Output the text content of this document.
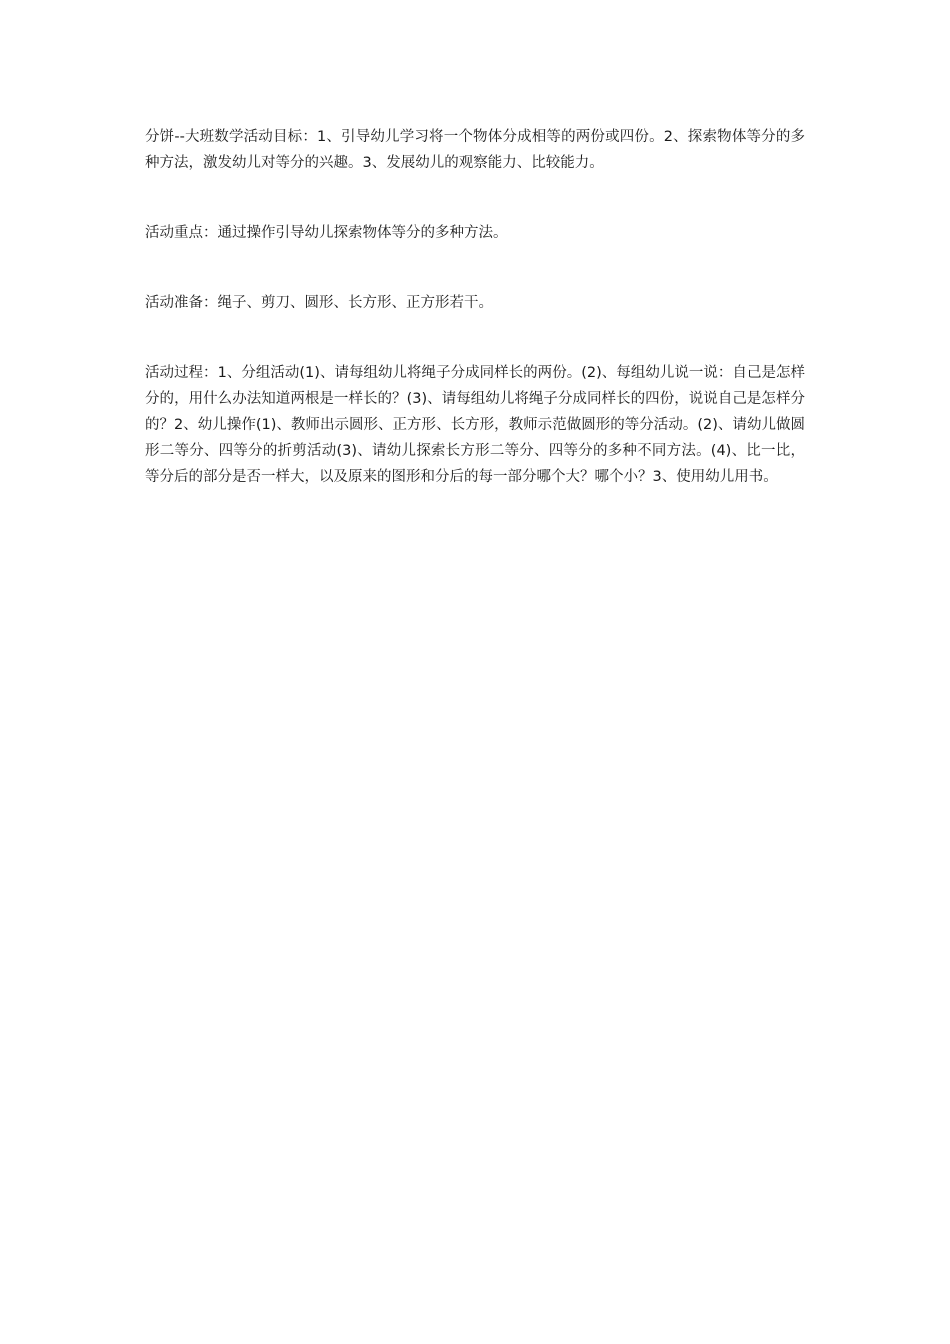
分饼--大班数学活动目标：1、引导幼儿学习将一个物体分成相等的两份或四份。2、探索物体等分的多种方法，激发幼儿对等分的兴趣。3、发展幼儿的观察能力、比较能力。

活动重点：通过操作引导幼儿探索物体等分的多种方法。

活动准备：绳子、剪刀、圆形、长方形、正方形若干。

活动过程：1、分组活动(1)、请每组幼儿将绳子分成同样长的两份。(2)、每组幼儿说一说：自己是怎样分的，用什么办法知道两根是一样长的？(3)、请每组幼儿将绳子分成同样长的四份，说说自己是怎样分的？2、幼儿操作(1)、教师出示圆形、正方形、长方形，教师示范做圆形的等分活动。(2)、请幼儿做圆形二等分、四等分的折剪活动(3)、请幼儿探索长方形二等分、四等分的多种不同方法。(4)、比一比，等分后的部分是否一样大，以及原来的图形和分后的每一部分哪个大？哪个小？3、使用幼儿用书。
